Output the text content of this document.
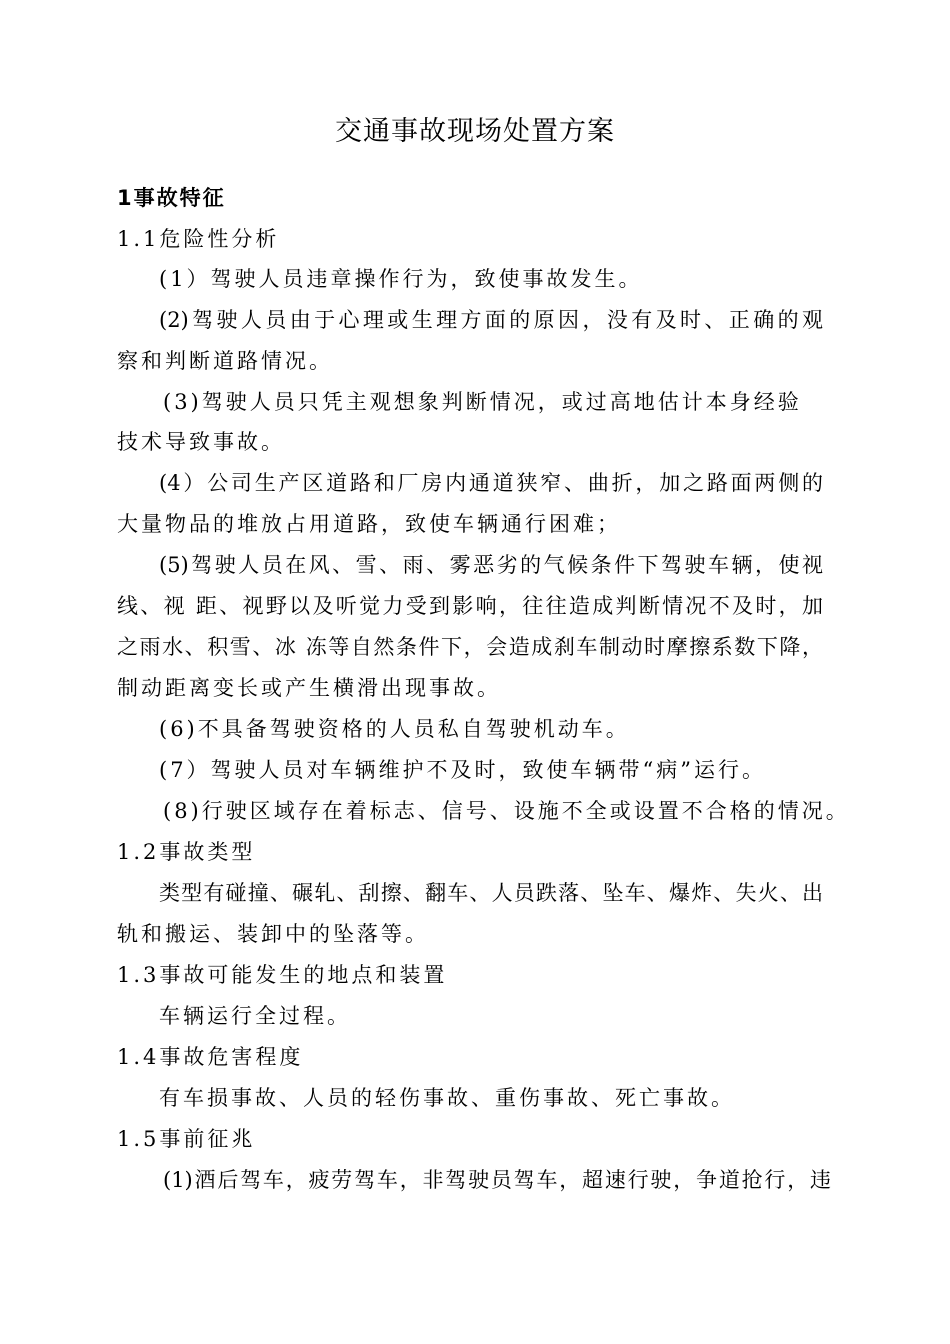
交通事故现场处置方案
1事故特征
1.1危险性分析
(1）驾驶人员违章操作行为，致使事故发生。
(2)驾驶人员由于心理或生理方面的原因，没有及时、正确的观
察和判断道路情况。
(3)驾驶人员只凭主观想象判断情况，或过高地估计本身经验
技术导致事故。
(4）公司生产区道路和厂房内通道狭窄、曲折，加之路面两侧的
大量物品的堆放占用道路，致使车辆通行困难；
(5)驾驶人员在风、雪、雨、雾恶劣的气候条件下驾驶车辆，使视
线、视 距、视野以及听觉力受到影响，往往造成判断情况不及时，加
之雨水、积雪、冰 冻等自然条件下，会造成刹车制动时摩擦系数下降，
制动距离变长或产生横滑出现事故。
(6)不具备驾驶资格的人员私自驾驶机动车。
(7）驾驶人员对车辆维护不及时，致使车辆带“病”运行。
(8)行驶区域存在着标志、信号、设施不全或设置不合格的情况。
1.2事故类型
类型有碰撞、碾轧、刮擦、翻车、人员跌落、坠车、爆炸、失火、出
轨和搬运、装卸中的坠落等。
1.3事故可能发生的地点和装置
车辆运行全过程。
1.4事故危害程度
有车损事故、人员的轻伤事故、重伤事故、死亡事故。
1.5事前征兆
(1)酒后驾车，疲劳驾车，非驾驶员驾车，超速行驶，争道抢行，违
